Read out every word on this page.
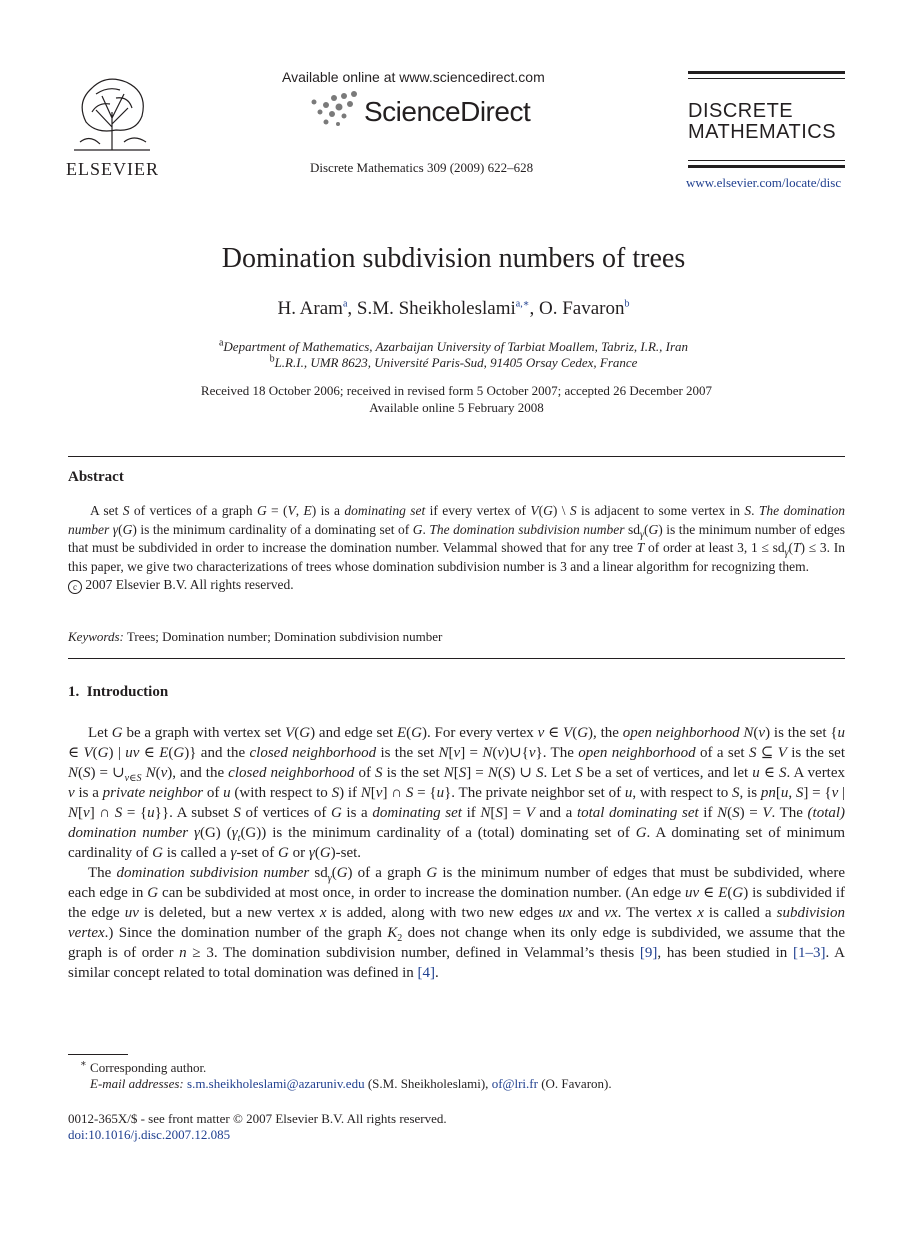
ELSEVIER
Available online at www.sciencedirect.com
ScienceDirect
Discrete Mathematics 309 (2009) 622–628
DISCRETE
MATHEMATICS
www.elsevier.com/locate/disc
Domination subdivision numbers of trees
H. Aram$^a$, S.M. Sheikholeslami$^{a,∗}$, O. Favaron$^b$
$^a$Department of Mathematics, Azarbaijan University of Tarbiat Moallem, Tabriz, I.R., Iran
$^b$L.R.I., UMR 8623, Université Paris-Sud, 91405 Orsay Cedex, France
Received 18 October 2006; received in revised form 5 October 2007; accepted 26 December 2007
Available online 5 February 2008
Abstract
A set S of vertices of a graph G = (V, E) is a dominating set if every vertex of V(G) \ S is adjacent to some vertex in S. The domination number γ(G) is the minimum cardinality of a dominating set of G. The domination subdivision number $sd_\gamma(G)$ is the minimum number of edges that must be subdivided in order to increase the domination number. Velammal showed that for any tree T of order at least 3, $1 \le sd_\gamma(T) \le 3$. In this paper, we give two characterizations of trees whose domination subdivision number is 3 and a linear algorithm for recognizing them.
c 2007 Elsevier B.V. All rights reserved.
Keywords: Trees; Domination number; Domination subdivision number
1.  Introduction
Let G be a graph with vertex set V(G) and edge set E(G). For every vertex v ∈ V(G), the open neighborhood N(v) is the set {u ∈ V(G) | uv ∈ E(G)} and the closed neighborhood is the set N[v] = N(v)∪{v}. The open neighborhood of a set S ⊆ V is the set $N(S) = \cup_{v\in S}$ N(v), and the closed neighborhood of S is the set N[S] = N(S) ∪ S. Let S be a set of vertices, and let u ∈ S. A vertex v is a private neighbor of u (with respect to S) if N[v] ∩ S = {u}. The private neighbor set of u, with respect to S, is pn[u, S] = {v | N[v] ∩ S = {u}}. A subset S of vertices of G is a dominating set if N[S] = V and a total dominating set if N(S) = V. The (total) domination number γ(G) $(\gamma_t(G))$ is the minimum cardinality of a (total) dominating set of G. A dominating set of minimum cardinality of G is called a γ-set of G or γ(G)-set.
The domination subdivision number $sd_\gamma(G)$ of a graph G is the minimum number of edges that must be subdivided, where each edge in G can be subdivided at most once, in order to increase the domination number. (An edge uv ∈ E(G) is subdivided if the edge uv is deleted, but a new vertex x is added, along with two new edges ux and vx. The vertex x is called a subdivision vertex.) Since the domination number of the graph $K_2$ does not change when its only edge is subdivided, we assume that the graph is of order n ≥ 3. The domination subdivision number, defined in Velammal’s thesis [9], has been studied in [1–3]. A similar concept related to total domination was defined in [4].
∗ Corresponding author.
E-mail addresses: s.m.sheikholeslami@azaruniv.edu (S.M. Sheikholeslami), of@lri.fr (O. Favaron).
0012-365X/$ - see front matter © 2007 Elsevier B.V. All rights reserved.
doi:10.1016/j.disc.2007.12.085
